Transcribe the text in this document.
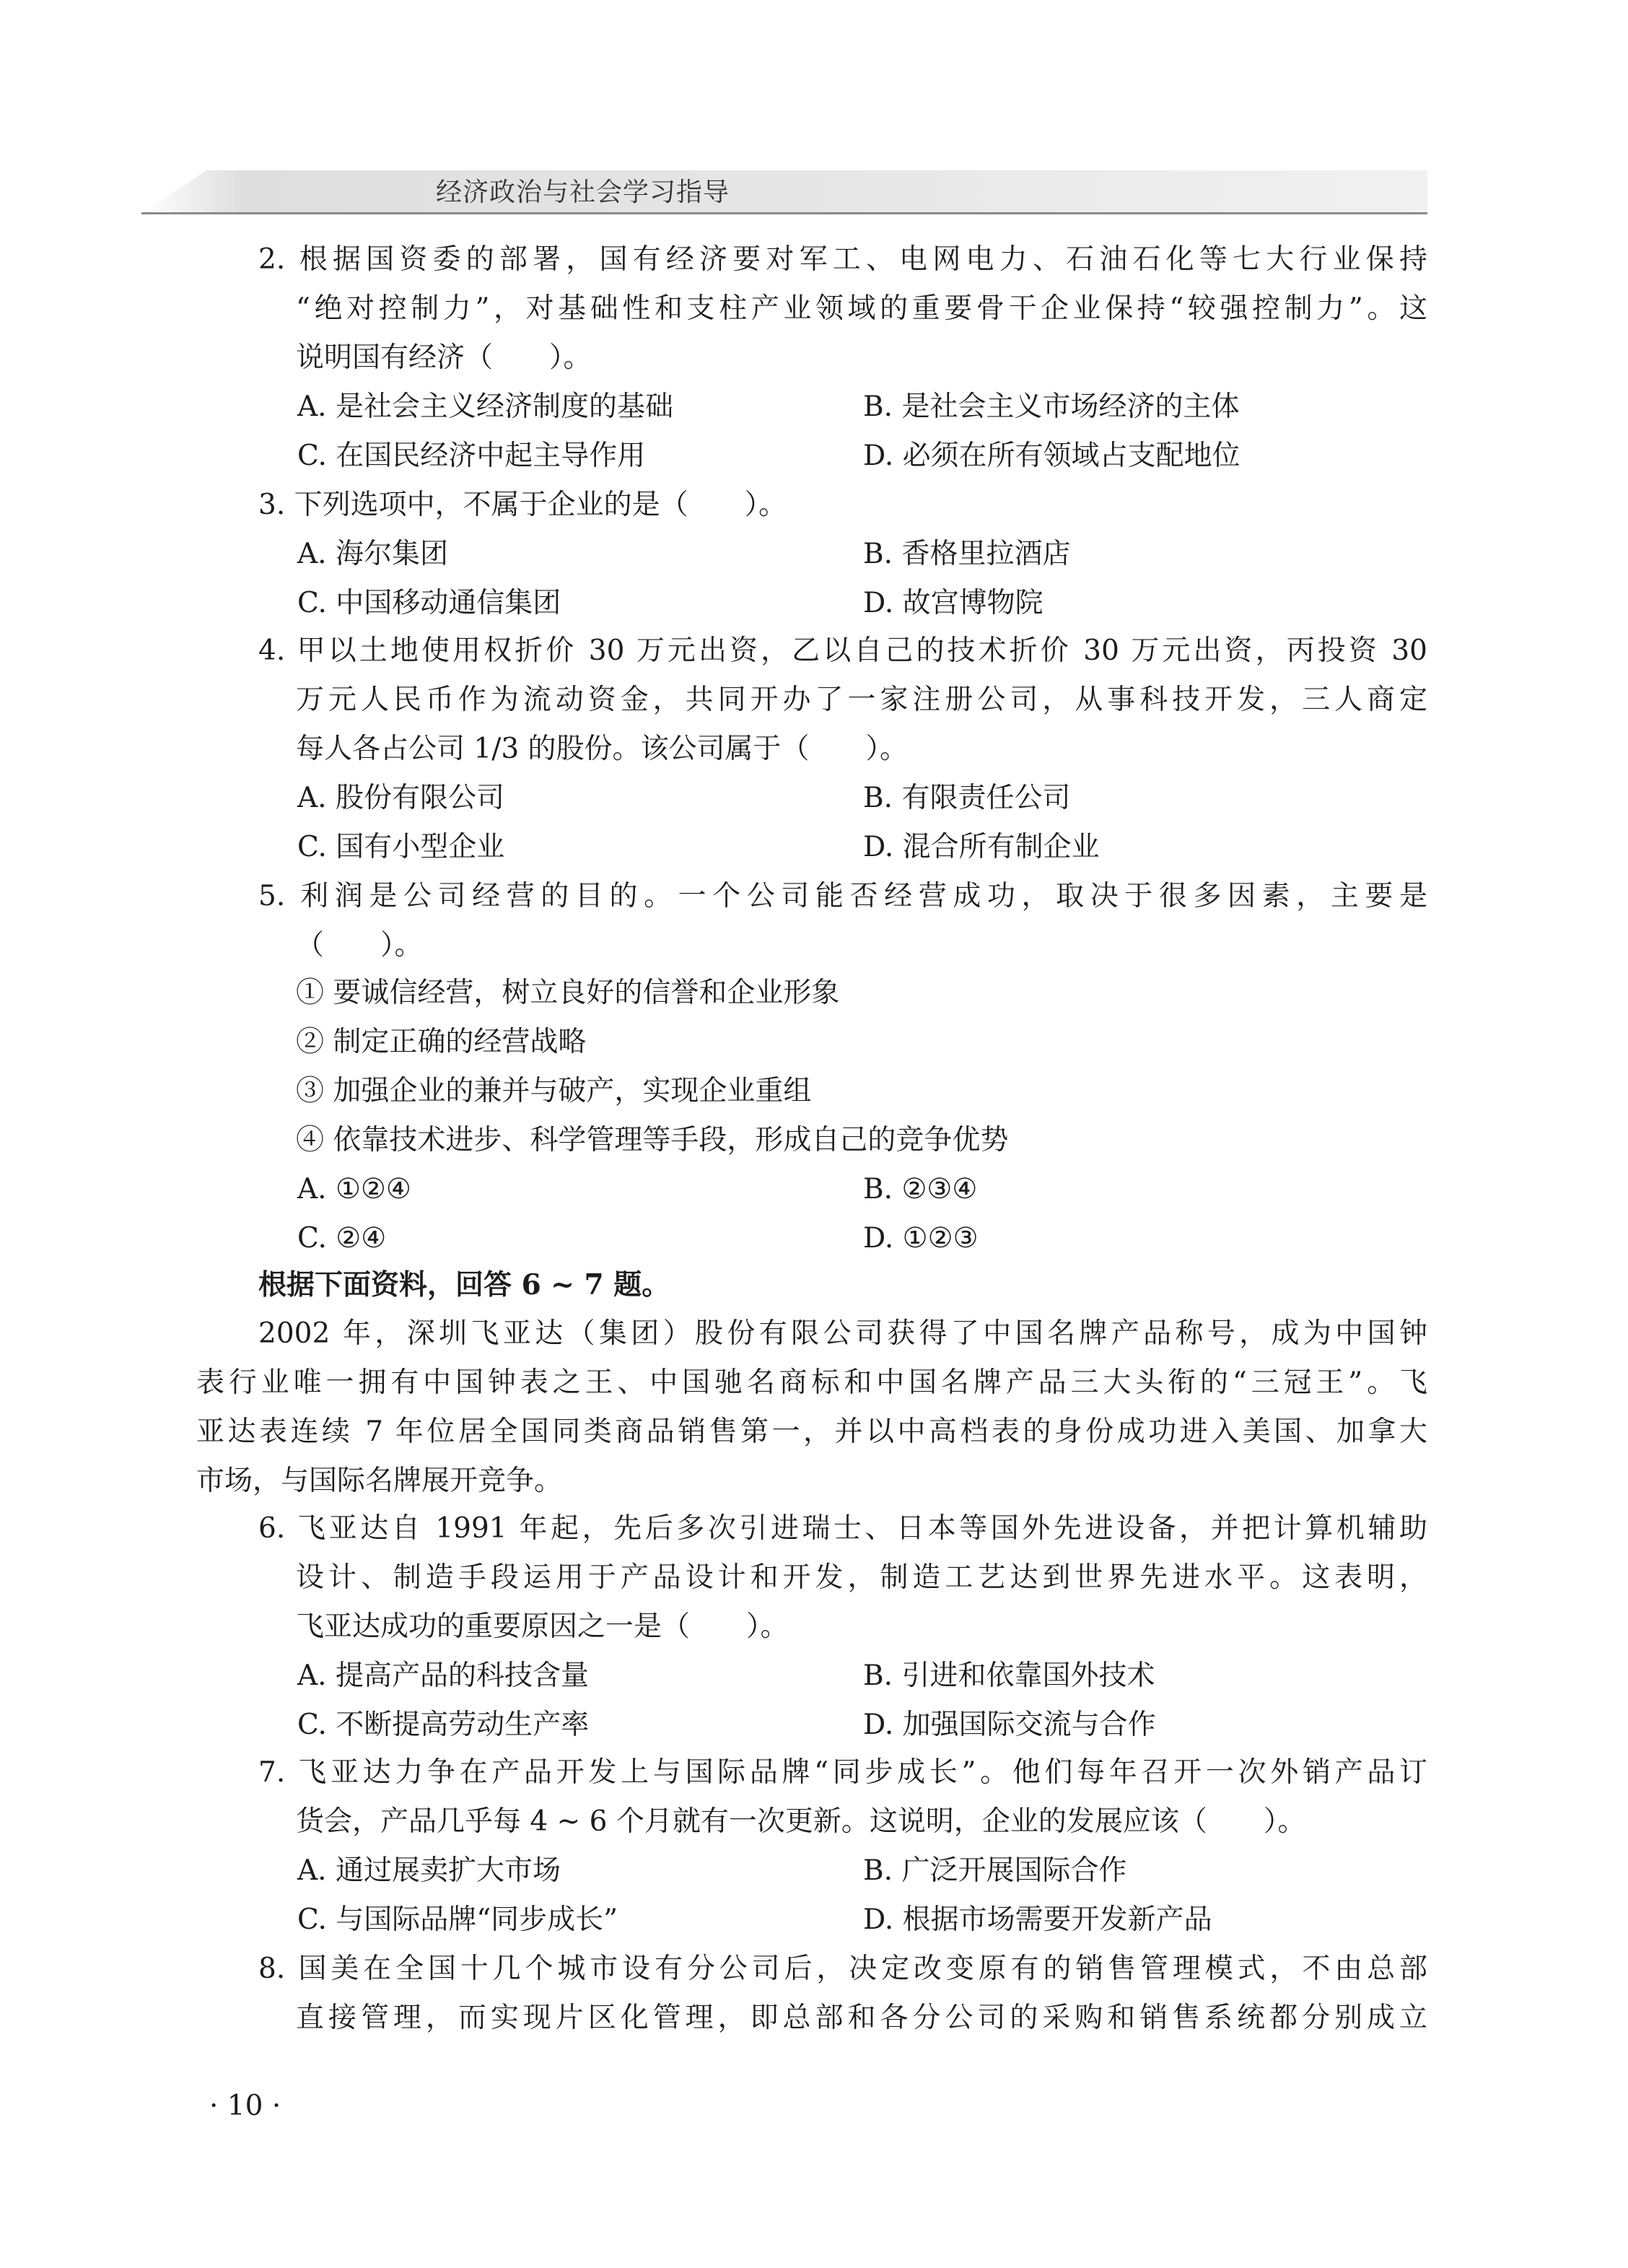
经济政治与社会学习指导
2. 根据国资委的部署，国有经济要对军工、电网电力、石油石化等七大行业保持
“绝对控制力”，对基础性和支柱产业领域的重要骨干企业保持“较强控制力”。这
说明国有经济（　　）。
A. 是社会主义经济制度的基础	B. 是社会主义市场经济的主体
C. 在国民经济中起主导作用	D. 必须在所有领域占支配地位
3. 下列选项中，不属于企业的是（　　）。
A. 海尔集团	B. 香格里拉酒店
C. 中国移动通信集团	D. 故宫博物院
4. 甲以土地使用权折价 30 万元出资，乙以自己的技术折价 30 万元出资，丙投资 30
万元人民币作为流动资金，共同开办了一家注册公司，从事科技开发，三人商定
每人各占公司 1/3 的股份。该公司属于（　　）。
A. 股份有限公司	B. 有限责任公司
C. 国有小型企业	D. 混合所有制企业
5. 利润是公司经营的目的。一个公司能否经营成功，取决于很多因素，主要是
（　　）。
① 要诚信经营，树立良好的信誉和企业形象
② 制定正确的经营战略
③ 加强企业的兼并与破产，实现企业重组
④ 依靠技术进步、科学管理等手段，形成自己的竞争优势
A. ①②④	B. ②③④
C. ②④	D. ①②③
根据下面资料，回答 6 ~ 7 题。
2002 年，深圳飞亚达（集团）股份有限公司获得了中国名牌产品称号，成为中国钟
表行业唯一拥有中国钟表之王、中国驰名商标和中国名牌产品三大头衔的“三冠王”。飞
亚达表连续 7 年位居全国同类商品销售第一，并以中高档表的身份成功进入美国、加拿大
市场，与国际名牌展开竞争。
6. 飞亚达自 1991 年起，先后多次引进瑞士、日本等国外先进设备，并把计算机辅助
设计、制造手段运用于产品设计和开发，制造工艺达到世界先进水平。这表明，
飞亚达成功的重要原因之一是（　　）。
A. 提高产品的科技含量	B. 引进和依靠国外技术
C. 不断提高劳动生产率	D. 加强国际交流与合作
7. 飞亚达力争在产品开发上与国际品牌“同步成长”。他们每年召开一次外销产品订
货会，产品几乎每 4 ~ 6 个月就有一次更新。这说明，企业的发展应该（　　）。
A. 通过展卖扩大市场	B. 广泛开展国际合作
C. 与国际品牌“同步成长”	D. 根据市场需要开发新产品
8. 国美在全国十几个城市设有分公司后，决定改变原有的销售管理模式，不由总部
直接管理，而实现片区化管理，即总部和各分公司的采购和销售系统都分别成立
· 10 ·
